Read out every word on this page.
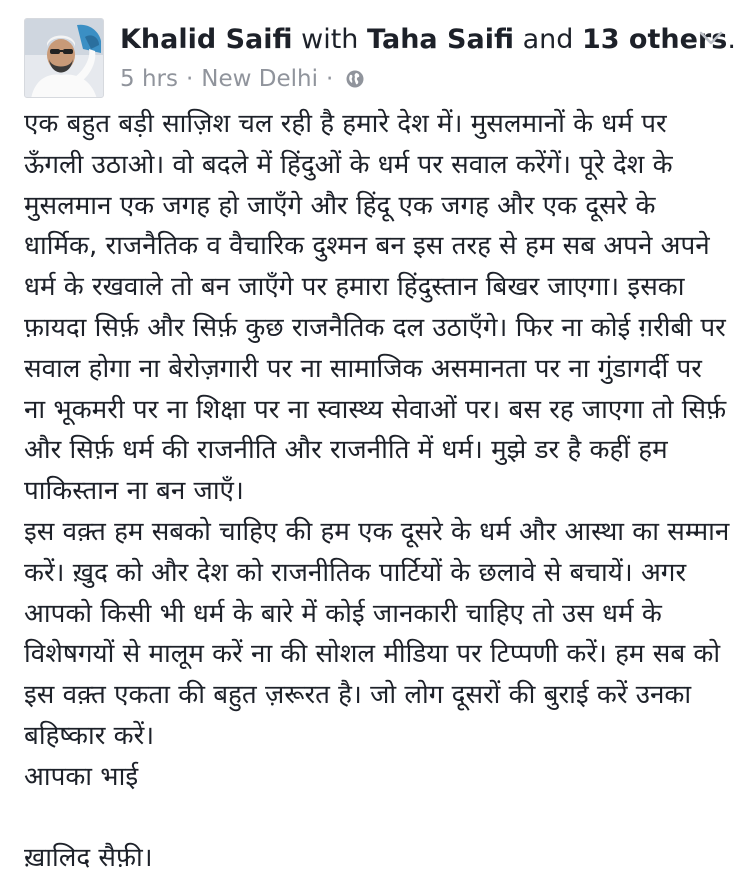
Khalid Saifi with Taha Saifi and 13 others.
5 hrs · New Delhi ·

एक बहुत बड़ी साज़िश चल रही है हमारे देश में। मुसलमानों के धर्म पर ऊँगली उठाओ। वो बदले में हिंदुओं के धर्म पर सवाल करेंगें। पूरे देश के मुसलमान एक जगह हो जाएँगे और हिंदू एक जगह और एक दूसरे के धार्मिक, राजनैतिक व वैचारिक दुश्मन बन इस तरह से हम सब अपने अपने धर्म के रखवाले तो बन जाएँगे पर हमारा हिंदुस्तान बिखर जाएगा। इसका फ़ायदा सिर्फ़ और सिर्फ़ कुछ राजनैतिक दल उठाएँगे। फिर ना कोई ग़रीबी पर सवाल होगा ना बेरोज़गारी पर ना सामाजिक असमानता पर ना गुंडागर्दी पर ना भूकमरी पर ना शिक्षा पर ना स्वास्थ्य सेवाओं पर। बस रह जाएगा तो सिर्फ़ और सिर्फ़ धर्म की राजनीति और राजनीति में धर्म। मुझे डर है कहीं हम पाकिस्तान ना बन जाएँ।

इस वक़्त हम सबको चाहिए की हम एक दूसरे के धर्म और आस्था का सम्मान करें। ख़ुद को और देश को राजनीतिक पार्टियों के छलावे से बचायें। अगर आपको किसी भी धर्म के बारे में कोई जानकारी चाहिए तो उस धर्म के विशेषगयों से मालूम करें ना की सोशल मीडिया पर टिप्पणी करें। हम सब को इस वक़्त एकता की बहुत ज़रूरत है। जो लोग दूसरों की बुराई करें उनका बहिष्कार करें।

आपका भाई

ख़ालिद सैफ़ी।
